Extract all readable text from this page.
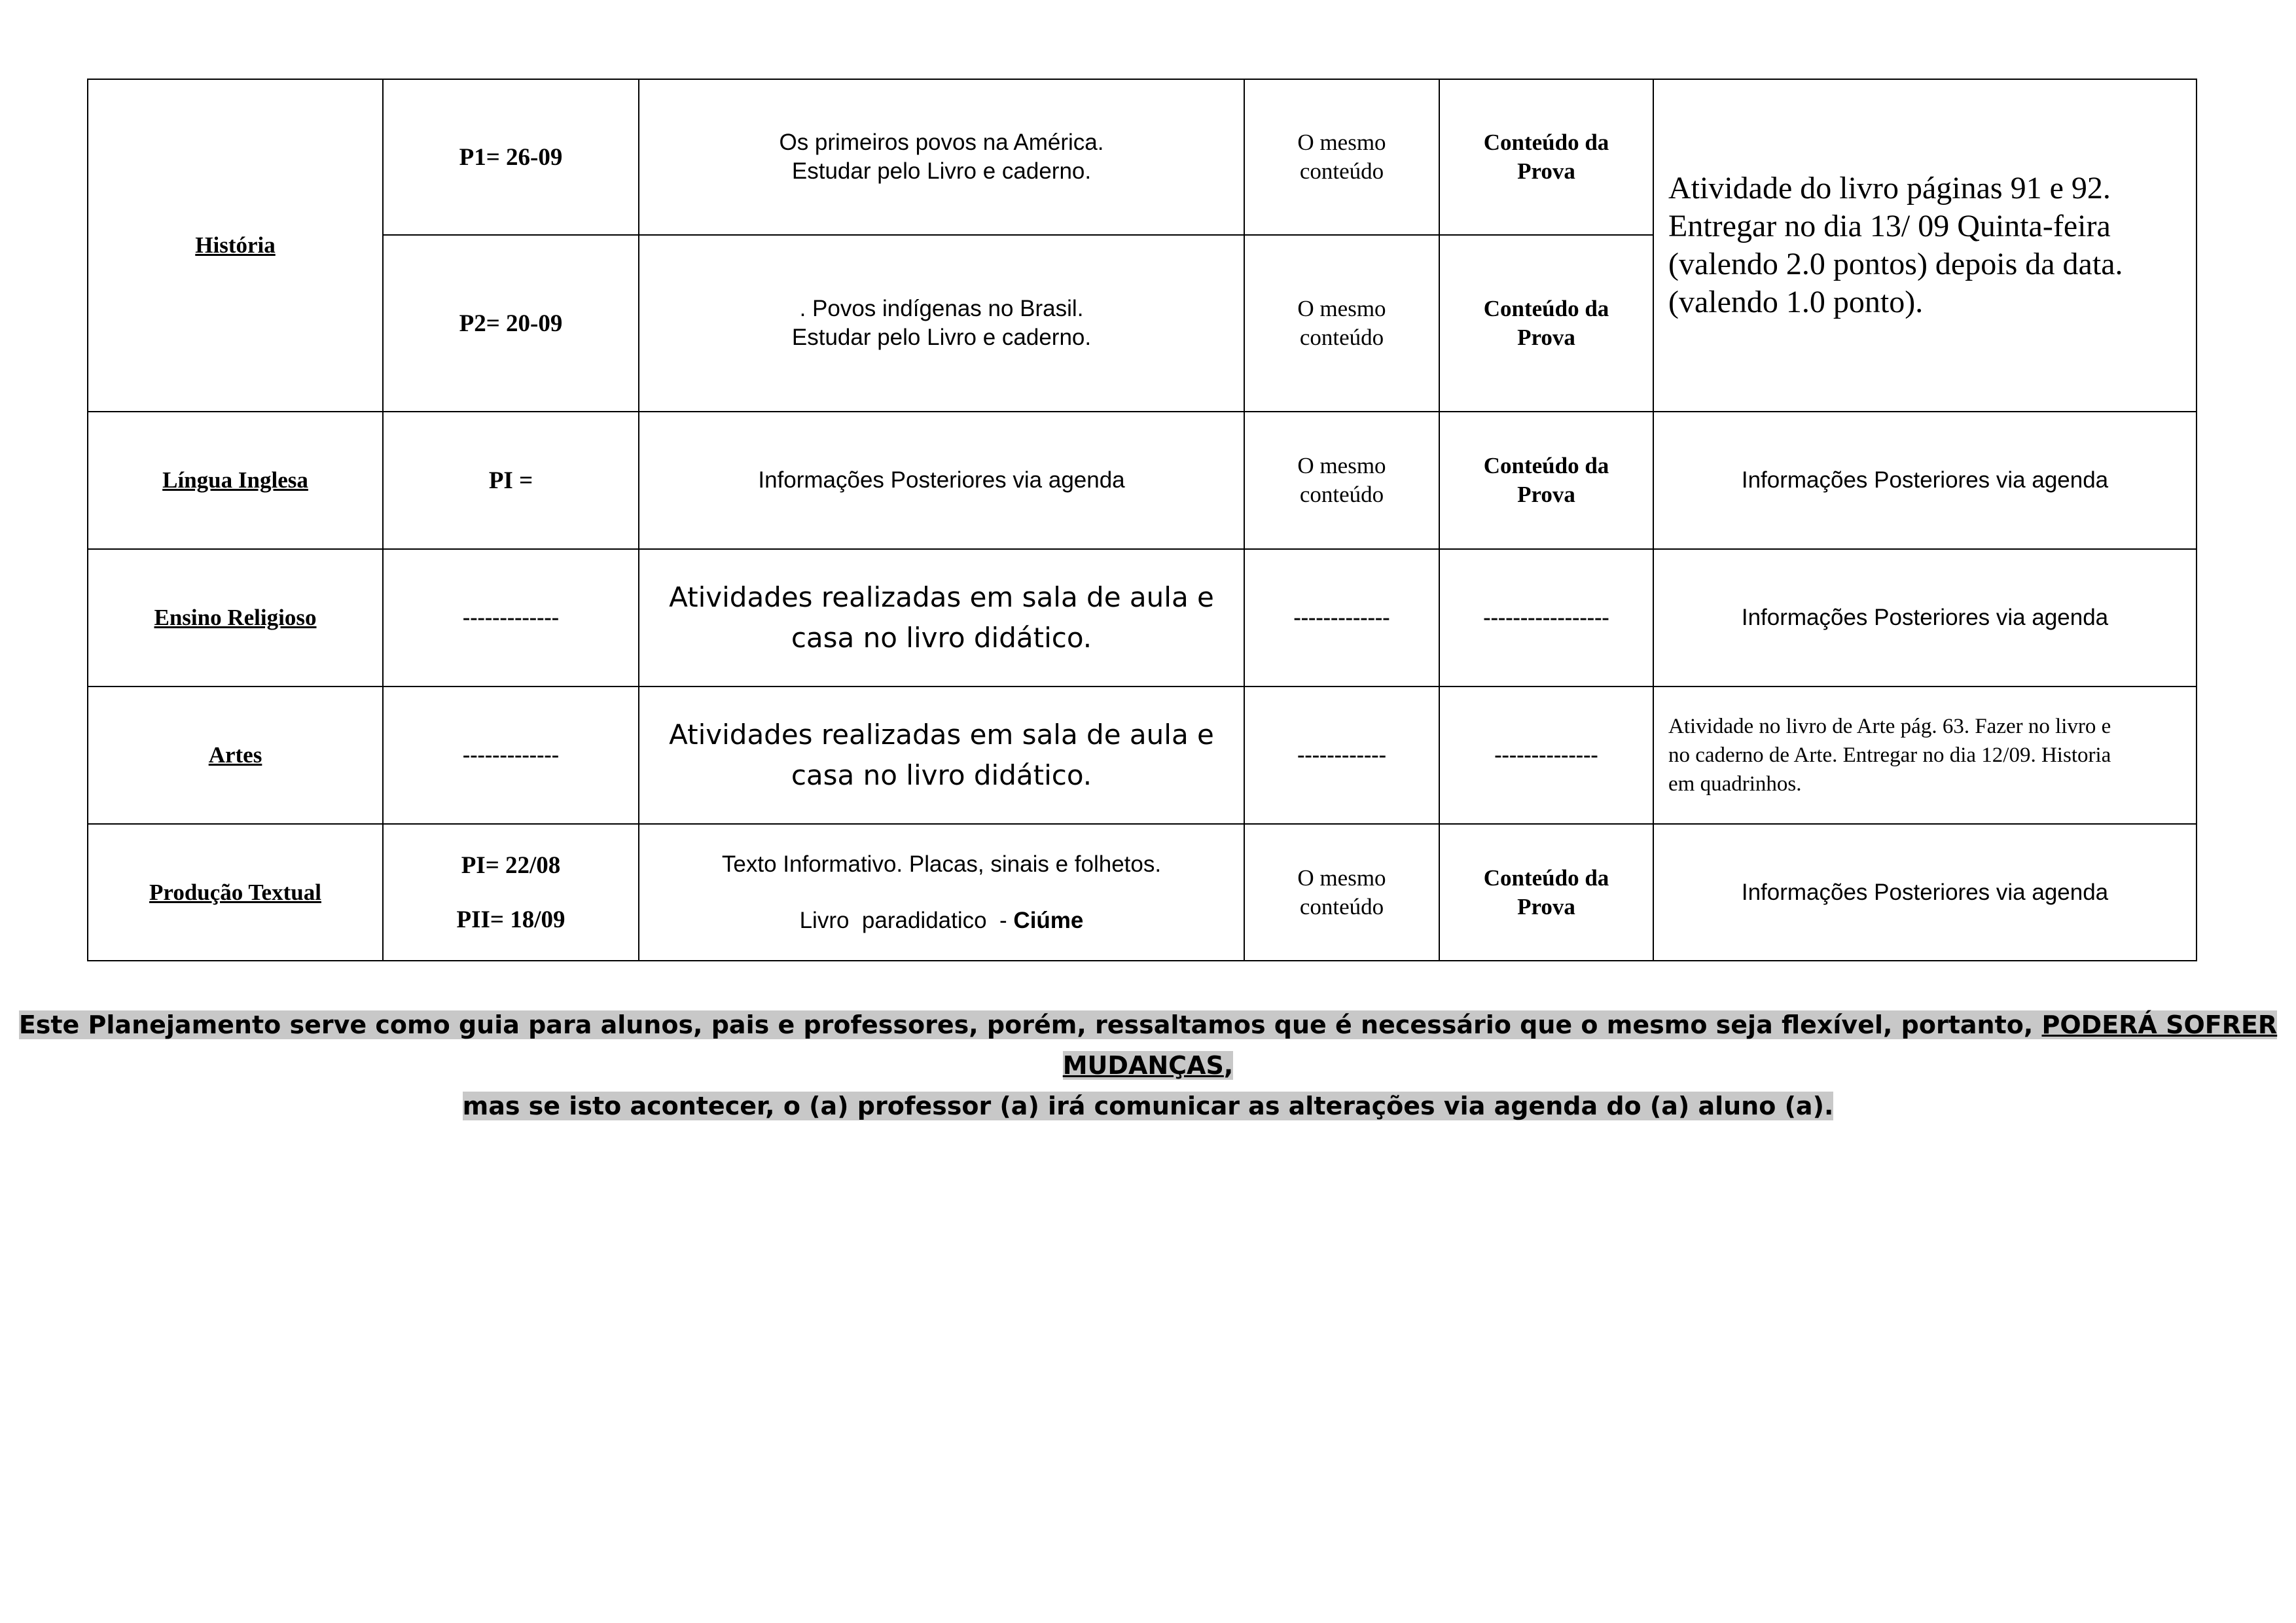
História	P1= 26-09	Os primeiros povos na América.
Estudar pelo Livro e caderno.	O mesmo
conteúdo	Conteúdo da
Prova	Atividade do livro páginas 91 e 92.
Entregar no dia 13/ 09 Quinta-feira
(valendo 2.0 pontos) depois da data.
(valendo 1.0 ponto).

	P2= 20-09	. Povos indígenas no Brasil.
Estudar pelo Livro e caderno.	O mesmo
conteúdo	Conteúdo da
Prova	

Língua Inglesa	PI =	Informações Posteriores via agenda	O mesmo
conteúdo	Conteúdo da
Prova	Informações Posteriores via agenda
Ensino Religioso	-------------	Atividades realizadas em sala de aula e
casa no livro didático.	-------------	-----------------	Informações Posteriores via agenda
Artes	-------------	Atividades realizadas em sala de aula e
casa no livro didático.	------------	--------------	Atividade no livro de Arte pág. 63. Fazer no livro e
no caderno de Arte. Entregar no dia 12/09. Historia
em quadrinhos.

Produção Textual	PI= 22/08
PII= 18/09	Texto Informativo. Placas, sinais e folhetos.
Livro  paradidatico  - Ciúme	O mesmo
conteúdo	Conteúdo da
Prova	Informações Posteriores via agenda
Este Planejamento serve como guia para alunos, pais e professores, porém, ressaltamos que é necessário que o mesmo seja flexível, portanto, PODERÁ SOFRER MUDANÇAS,
mas se isto acontecer, o (a) professor (a) irá comunicar as alterações via agenda do (a) aluno (a).
